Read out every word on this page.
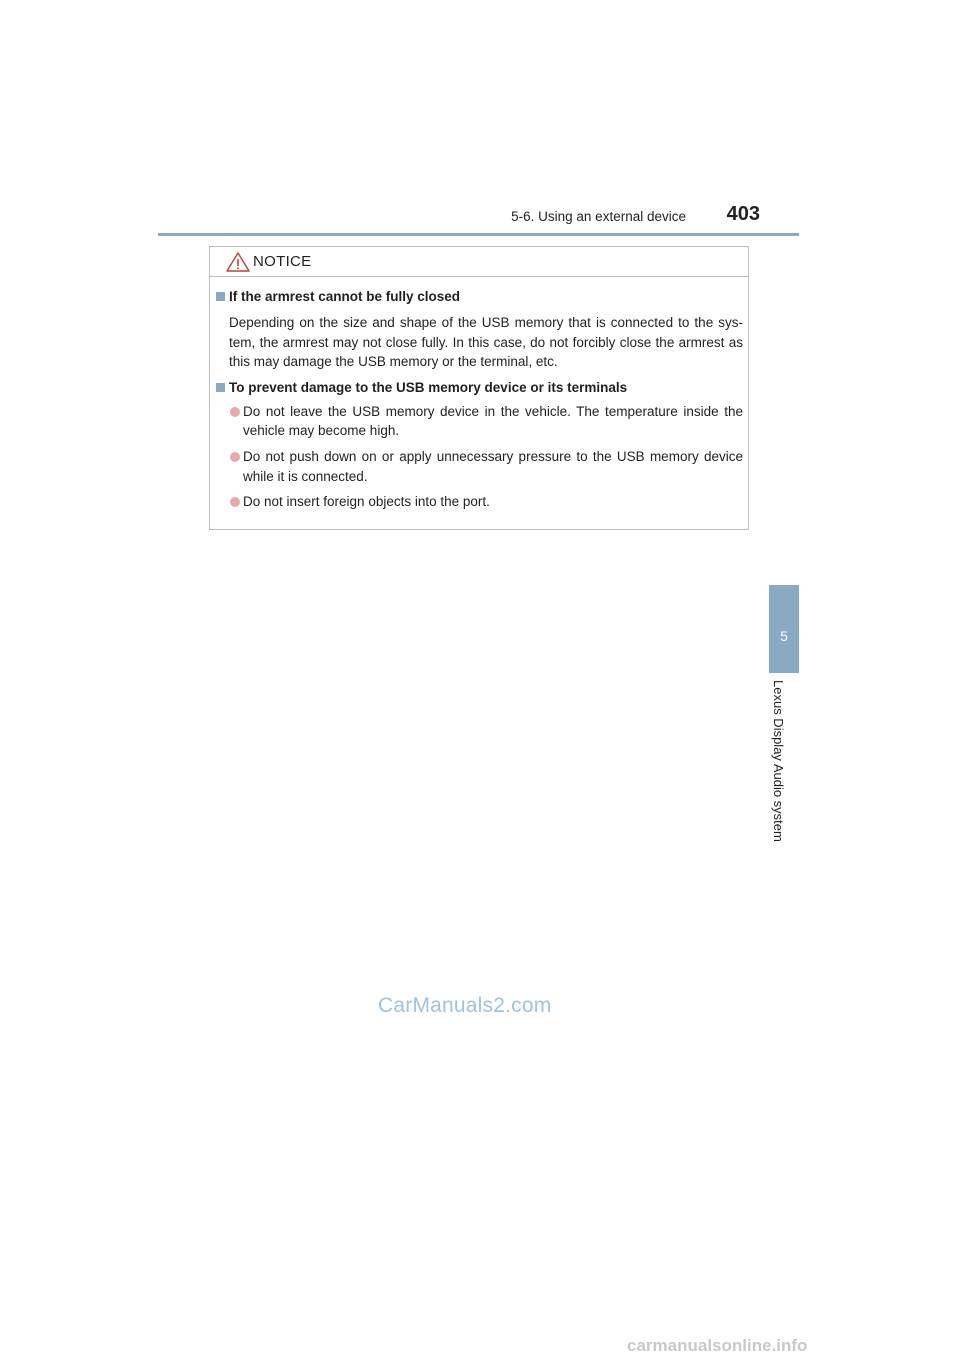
5-6. Using an external device	403
5
Lexus Display Audio system
NOTICE

If the armrest cannot be fully closed

Depending on the size and shape of the USB memory that is connected to the sys-tem, the armrest may not close fully. In this case, do not forcibly close the armrest as this may damage the USB memory or the terminal, etc.

To prevent damage to the USB memory device or its terminals

Do not leave the USB memory device in the vehicle. The temperature inside the vehicle may become high.
Do not push down on or apply unnecessary pressure to the USB memory device while it is connected.
Do not insert foreign objects into the port.
CarManuals2.com
carmanualsonline.info
